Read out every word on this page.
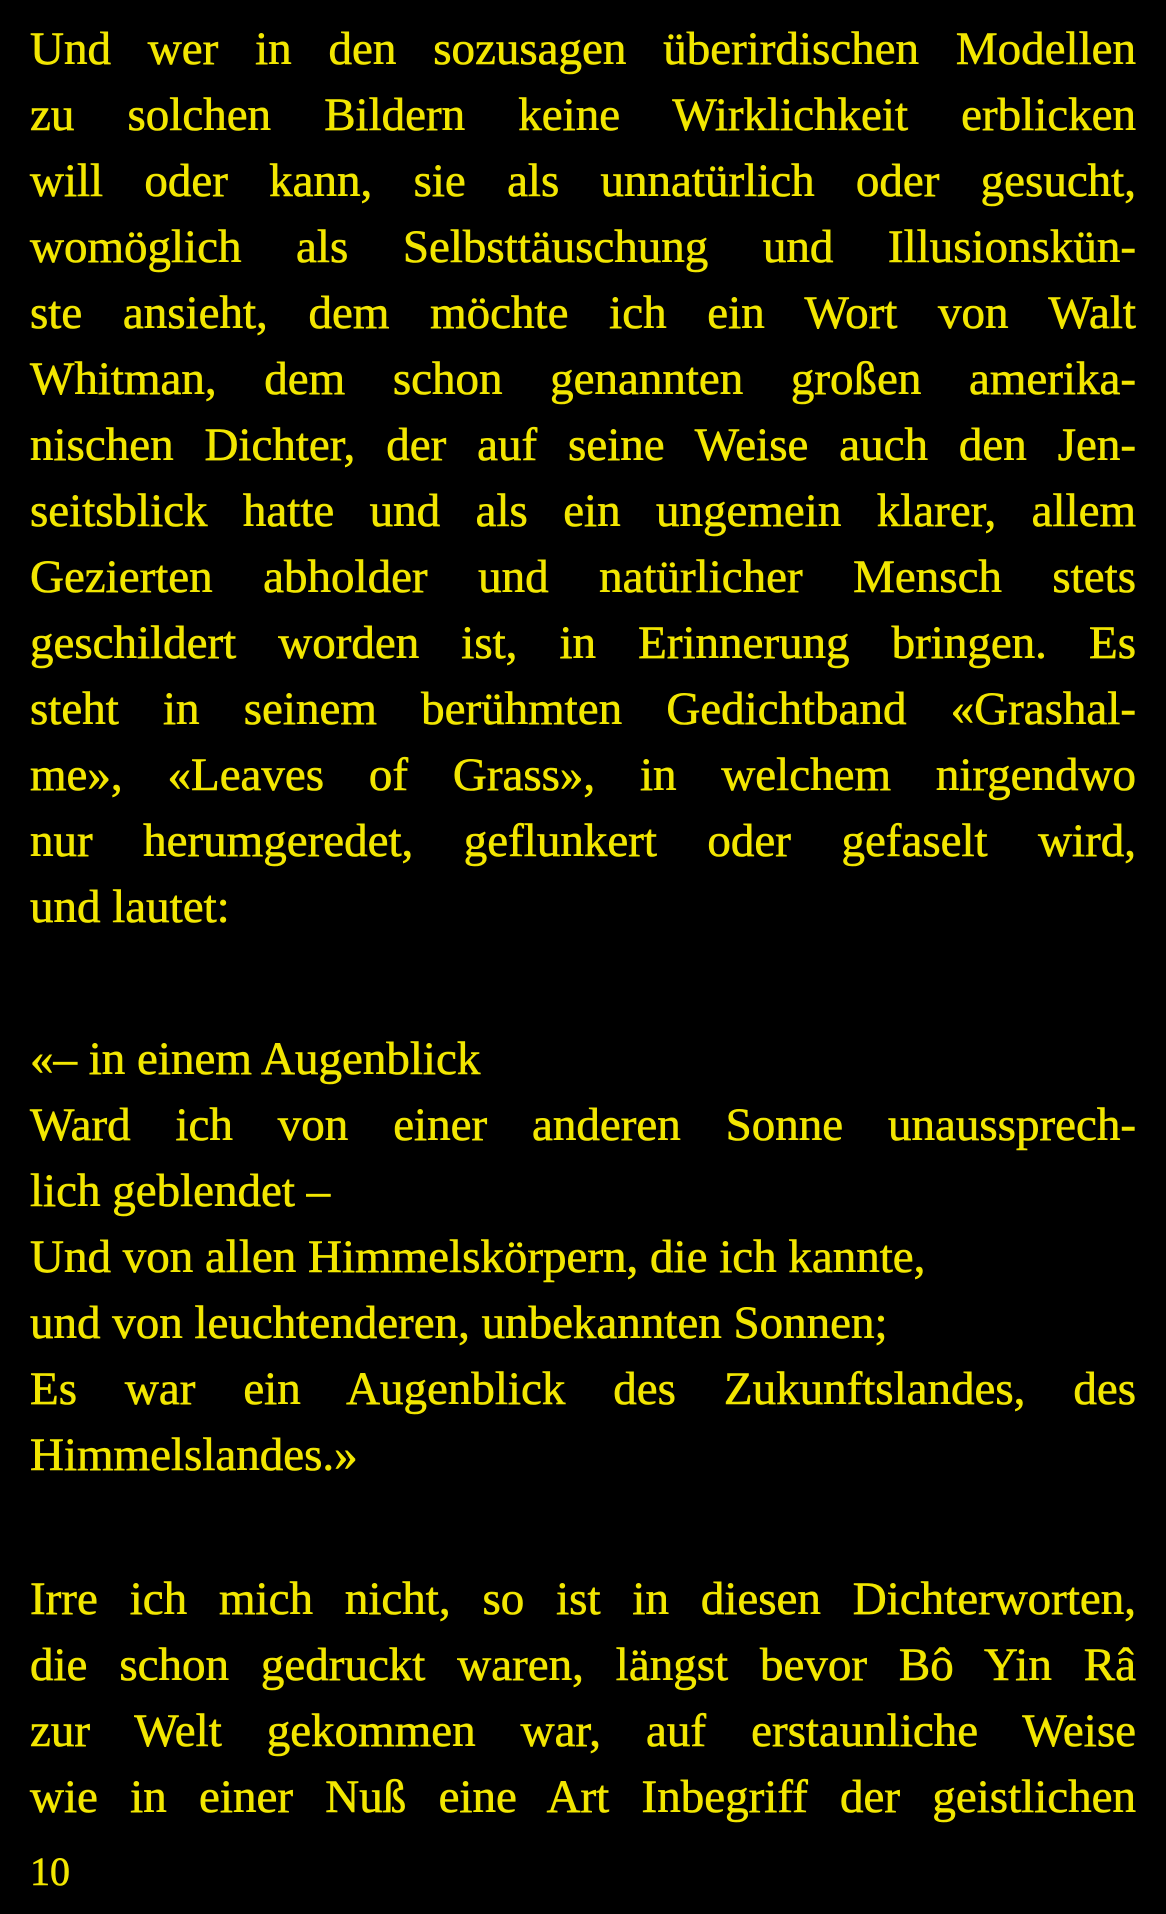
Und wer in den sozusagen überirdischen Modellen
zu solchen Bildern keine Wirklichkeit erblicken
will oder kann, sie als unnatürlich oder gesucht,
womöglich als Selbsttäuschung und Illusionskün-
ste ansieht, dem möchte ich ein Wort von Walt
Whitman, dem schon genannten großen amerika-
nischen Dichter, der auf seine Weise auch den Jen-
seitsblick hatte und als ein ungemein klarer, allem
Gezierten abholder und natürlicher Mensch stets
geschildert worden ist, in Erinnerung bringen. Es
steht in seinem berühmten Gedichtband «Grashal-
me», «Leaves of Grass», in welchem nirgendwo
nur herumgeredet, geflunkert oder gefaselt wird,
und lautet:
«– in einem Augenblick
Ward ich von einer anderen Sonne unaussprech-
lich geblendet –
Und von allen Himmelskörpern, die ich kannte,
und von leuchtenderen, unbekannten Sonnen;
Es war ein Augenblick des Zukunftslandes, des
Himmelslandes.»
Irre ich mich nicht, so ist in diesen Dichterworten,
die schon gedruckt waren, längst bevor Bô Yin Râ
zur Welt gekommen war, auf erstaunliche Weise
wie in einer Nuß eine Art Inbegriff der geistlichen
10
